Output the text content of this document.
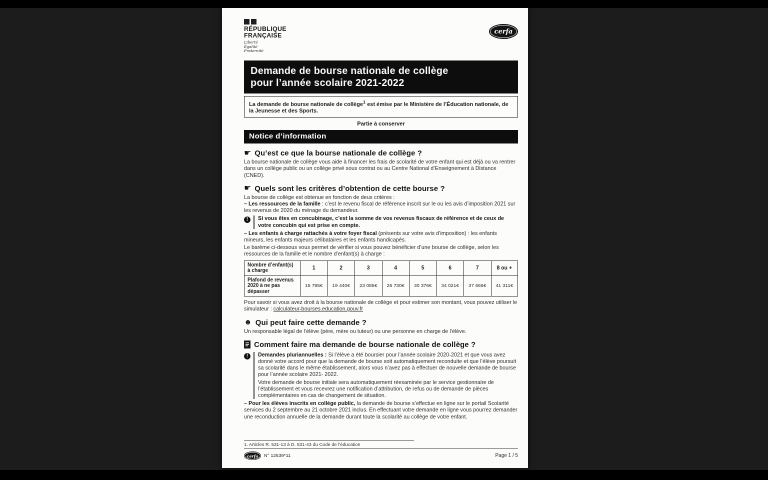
RÉPUBLIQUE
FRANÇAISE
Liberté
Égalité
Fraternité
cerfa
Demande de bourse nationale de collège
pour l’année scolaire 2021-2022
La demande de bourse nationale de collège$^1$ est émise par le Ministère de l’Éducation nationale, de la Jeunesse et des Sports.
Partie à conserver
Notice d’information
☛ Qu’est ce que la bourse nationale de collège ?

La bourse nationale de collège vous aide à financer les frais de scolarité de votre enfant qui est déjà ou va rentrer dans un collège public ou un collège privé sous contrat ou au Centre National d’Enseignement à Distance (CNED).

☛ Quels sont les critères d’obtention de cette bourse ?

La bourse de collège est obtenue en fonction de deux critères :

– Les ressources de la famille : c’est le revenu fiscal de référence inscrit sur le ou les avis d’imposition 2021 sur les revenus de 2020 du ménage du demandeur.

! Si vous êtes en concubinage, c’est la somme de vos revenus fiscaux de référence et de ceux de votre concubin qui est prise en compte.

– Les enfants à charge rattachés à votre foyer fiscal (présents sur votre avis d’imposition) : les enfants mineurs, les enfants majeurs célibataires et les enfants handicapés.

Le barème ci-dessous vous permet de vérifier si vous pouvez bénéficier d’une bourse de collège, selon les ressources de la famille et le nombre d’enfant(s) à charge :

Nombre d’enfant(s) à charge	1	2	3	4	5	6	7	8 ou +
Plafond de revenus 2020 à ne pas dépasser	15 795€	19 440€	23 085€	26 730€	30 376€	34 021€	37 666€	41 311€

Pour savoir si vous avez droit à la bourse nationale de collège et pour estimer son montant, vous pouvez utiliser le simulateur : calculateur-bourses.education.gouv.fr

☻ Qui peut faire cette demande ?

Un responsable légal de l’élève (père, mère ou tuteur) ou une personne en charge de l’élève.

Comment faire ma demande de bourse nationale de collège ?
! Demandes pluriannuelles : Si l’élève a été boursier pour l’année scolaire 2020-2021 et que vous avez donné votre accord pour que la demande de bourse soit automatiquement reconduite et que l’élève poursuit sa scolarité dans le même établissement, alors vous n’avez pas à effectuer de nouvelle demande de bourse pour l’année scolaire 2021- 2022.

Votre demande de bourse initiale sera automatiquement réexaminée par le service gestionnaire de l’établissement et vous recevrez une notification d’attribution, de refus ou de demande de pièces complémentaires en cas de changement de situation.

– Pour les élèves inscrits en collège public, la demande de bourse s’effectue en ligne sur le portail Scolarité services du 2 septembre au 21 octobre 2021 inclus. En effectuant votre demande en ligne vous pourrez demander une reconduction annuelle de la demande durant toute la scolarité au collège de votre enfant.

1. Articles R. 531-13 à D. 531-43 du Code de l’éducation
cerfa N° 12539*11	Page 1 / 5
